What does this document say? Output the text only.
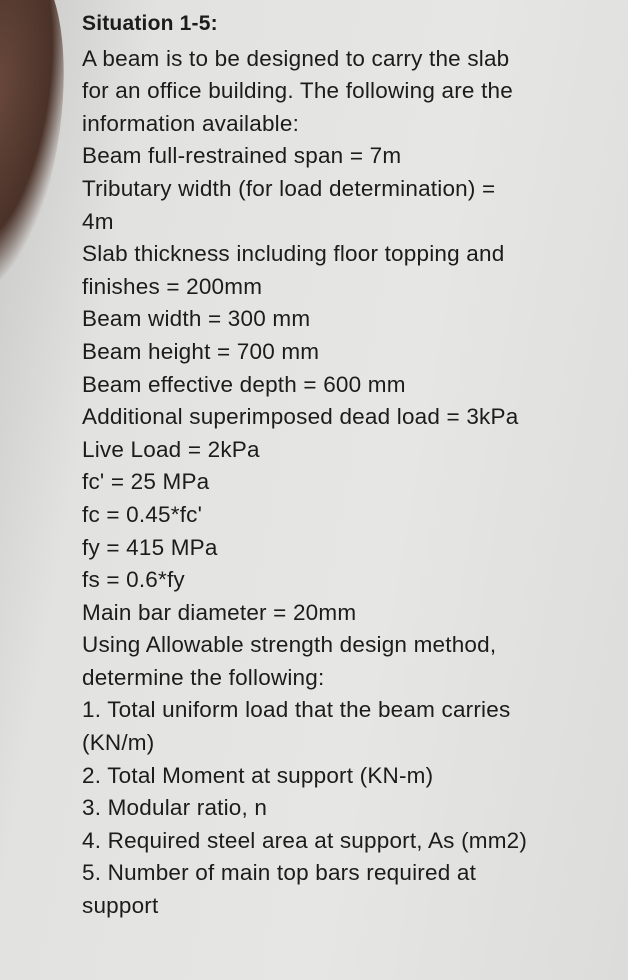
Situation 1-5:
A beam is to be designed to carry the slab
for an office building. The following are the
information available:
Beam full-restrained span = 7m
Tributary width (for load determination) =
4m
Slab thickness including floor topping and
finishes = 200mm
Beam width = 300 mm
Beam height = 700 mm
Beam effective depth = 600 mm
Additional superimposed dead load = 3kPa
Live Load = 2kPa
fc' = 25 MPa
fc = 0.45*fc'
fy = 415 MPa
fs = 0.6*fy
Main bar diameter = 20mm
Using Allowable strength design method,
determine the following:
1. Total uniform load that the beam carries
(KN/m)
2. Total Moment at support (KN-m)
3. Modular ratio, n
4. Required steel area at support, As (mm2)
5. Number of main top bars required at
support
